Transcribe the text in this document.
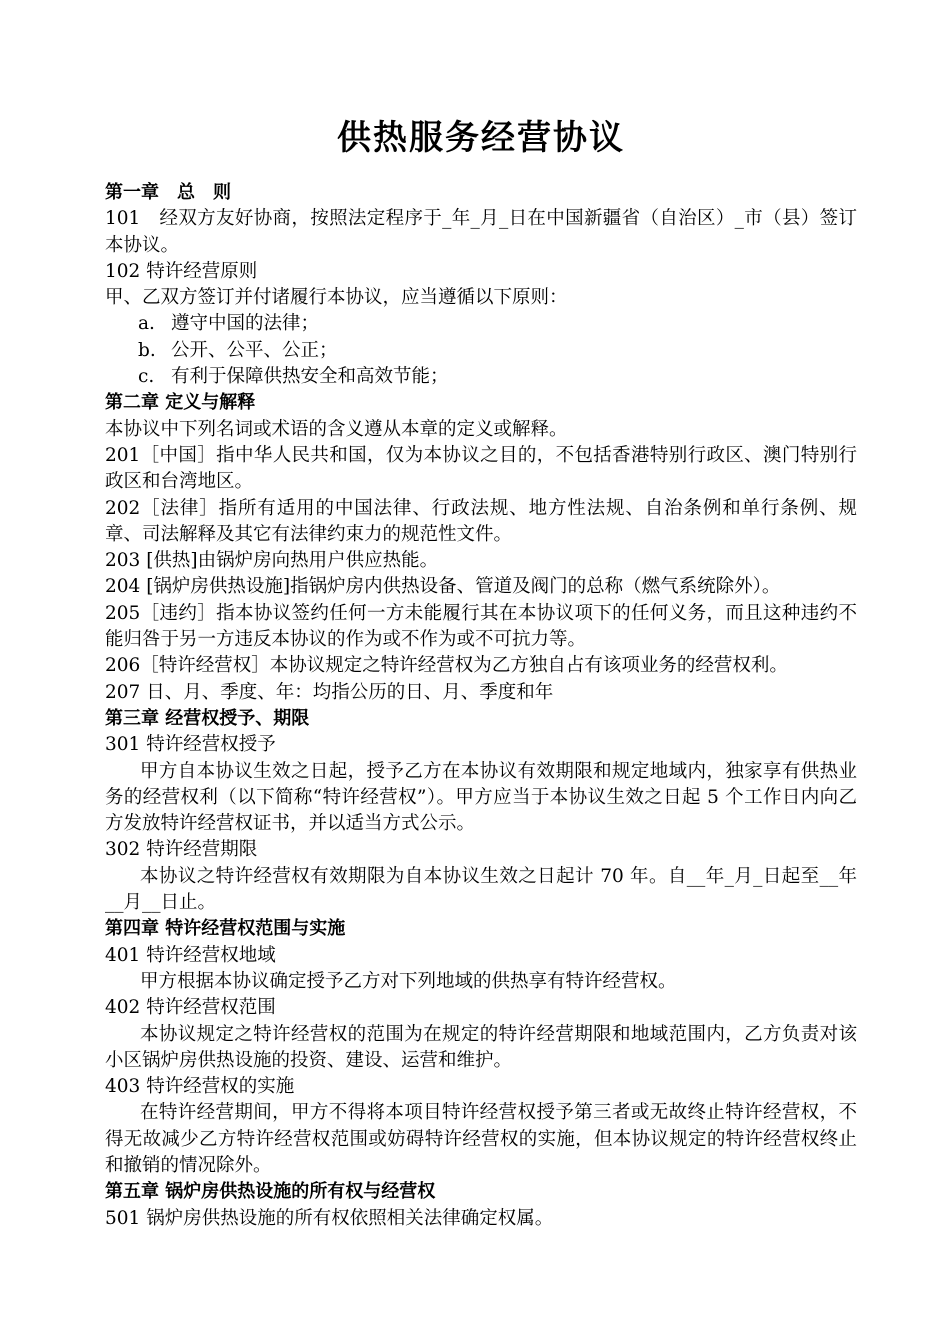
供热服务经营协议

第一章　总　则

101　经双方友好协商，按照法定程序于_年_月_日在中国新疆省（自治区）_市（县）签订本协议。

102 特许经营原则

甲、乙双方签订并付诸履行本协议，应当遵循以下原则：

a. 遵守中国的法律；

b. 公开、公平、公正；

c. 有利于保障供热安全和高效节能；

第二章 定义与解释

本协议中下列名词或术语的含义遵从本章的定义或解释。

201［中国］指中华人民共和国，仅为本协议之目的，不包括香港特别行政区、澳门特别行政区和台湾地区。

202［法律］指所有适用的中国法律、行政法规、地方性法规、自治条例和单行条例、规章、司法解释及其它有法律约束力的规范性文件。

203 [供热]由锅炉房向热用户供应热能。

204 [锅炉房供热设施]指锅炉房内供热设备、管道及阀门的总称（燃气系统除外）。

205［违约］指本协议签约任何一方未能履行其在本协议项下的任何义务，而且这种违约不能归咎于另一方违反本协议的作为或不作为或不可抗力等。

206［特许经营权］本协议规定之特许经营权为乙方独自占有该项业务的经营权利。

207 日、月、季度、年：均指公历的日、月、季度和年

第三章 经营权授予、期限

301 特许经营权授予

甲方自本协议生效之日起，授予乙方在本协议有效期限和规定地域内，独家享有供热业务的经营权利（以下简称“特许经营权”）。甲方应当于本协议生效之日起 5 个工作日内向乙方发放特许经营权证书，并以适当方式公示。

302 特许经营期限

本协议之特许经营权有效期限为自本协议生效之日起计 70 年。自__年_月_日起至__年__月__日止。

第四章 特许经营权范围与实施

401 特许经营权地域

甲方根据本协议确定授予乙方对下列地域的供热享有特许经营权。

402 特许经营权范围

本协议规定之特许经营权的范围为在规定的特许经营期限和地域范围内，乙方负责对该小区锅炉房供热设施的投资、建设、运营和维护。

403 特许经营权的实施

在特许经营期间，甲方不得将本项目特许经营权授予第三者或无故终止特许经营权，不得无故减少乙方特许经营权范围或妨碍特许经营权的实施，但本协议规定的特许经营权终止和撤销的情况除外。

第五章 锅炉房供热设施的所有权与经营权

501 锅炉房供热设施的所有权依照相关法律确定权属。
